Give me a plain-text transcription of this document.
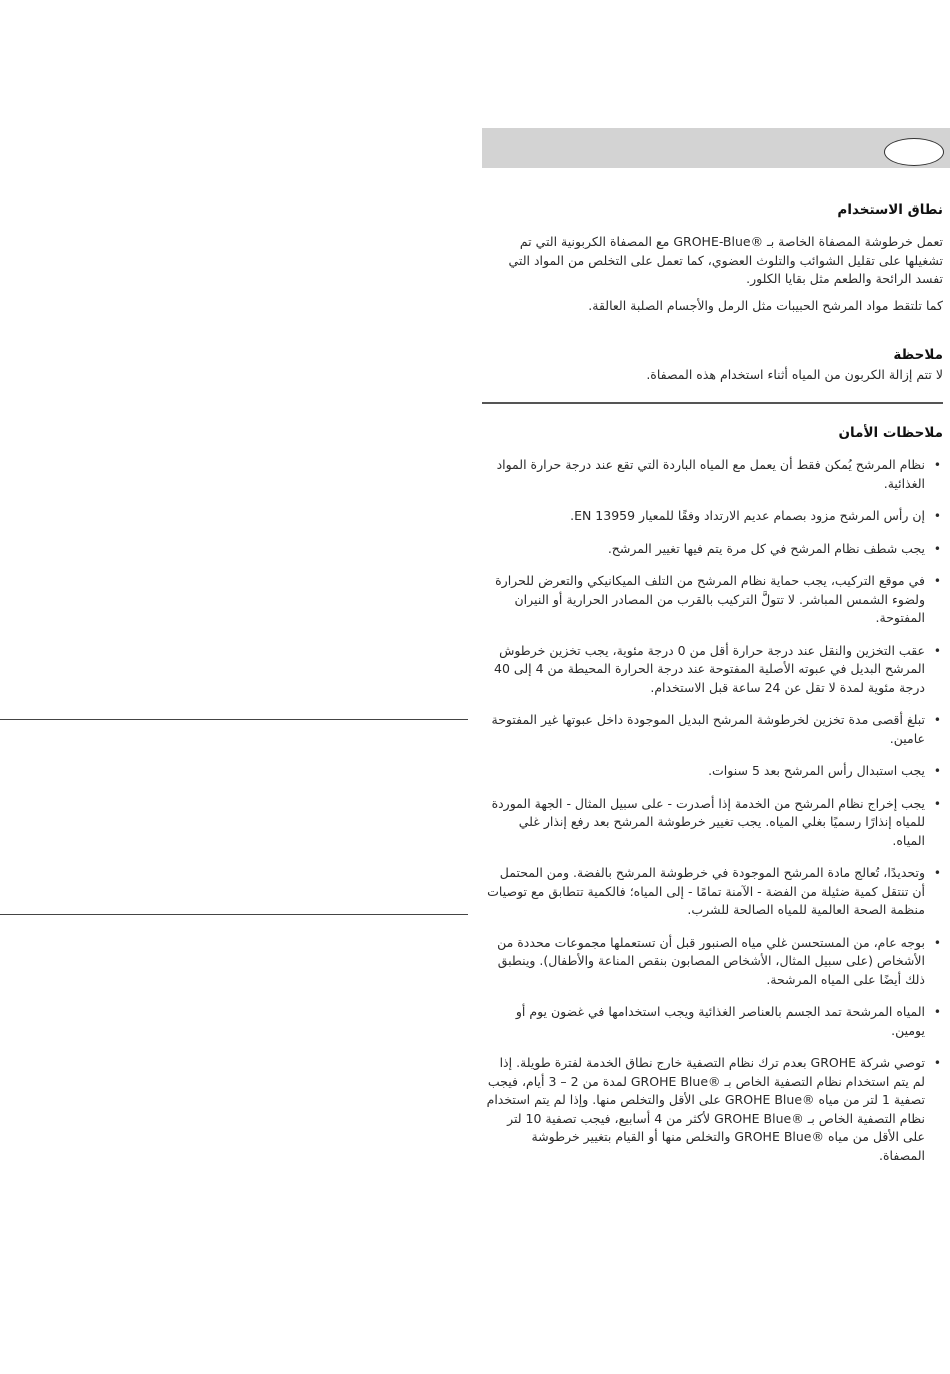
نطاق الاستخدام

تعمل خرطوشة المصفاة الخاصة بـ ®GROHE-Blue مع المصفاة الكربونية التي تم تشغيلها على تقليل الشوائب والتلوث العضوي، كما تعمل على التخلص من المواد التي تفسد الرائحة والطعم مثل بقايا الكلور.

كما تلتقط مواد المرشح الحبيبات مثل الرمل والأجسام الصلبة العالقة.

ملاحظة

لا تتم إزالة الكربون من المياه أثناء استخدام هذه المصفاة.

ملاحظات الأمان
•
نظام المرشح يُمكن فقط أن يعمل مع المياه الباردة التي تقع عند درجة حرارة المواد الغذائية.
•
إن رأس المرشح مزود بصمام عديم الارتداد وفقًا للمعيار EN 13959.
•
يجب شطف نظام المرشح في كل مرة يتم فيها تغيير المرشح.
•
في موقع التركيب، يجب حماية نظام المرشح من التلف الميكانيكي والتعرض للحرارة ولضوء الشمس المباشر. لا تتولَّ التركيب بالقرب من المصادر الحرارية أو النيران المفتوحة.
•
عقب التخزين والنقل عند درجة حرارة أقل من 0 درجة مئوية، يجب تخزين خرطوش المرشح البديل في عبوته الأصلية المفتوحة عند درجة الحرارة المحيطة من 4 إلى 40 درجة مئوية لمدة لا تقل عن 24 ساعة قبل الاستخدام.
•
تبلغ أقصى مدة تخزين لخرطوشة المرشح البديل الموجودة داخل عبوتها غير المفتوحة عامين.
•
يجب استبدال رأس المرشح بعد 5 سنوات.
•
يجب إخراج نظام المرشح من الخدمة إذا أصدرت - على سبيل المثال - الجهة الموردة للمياه إنذارًا رسميًا بغلي المياه. يجب تغيير خرطوشة المرشح بعد رفع إنذار غلي المياه.
•
وتحديدًا، تُعالج مادة المرشح الموجودة في خرطوشة المرشح بالفضة. ومن المحتمل أن تنتقل كمية ضئيلة من الفضة - الآمنة تمامًا - إلى المياه؛ فالكمية تتطابق مع توصيات منظمة الصحة العالمية للمياه الصالحة للشرب.
•
بوجه عام، من المستحسن غلي مياه الصنبور قبل أن تستعملها مجموعات محددة من الأشخاص (على سبيل المثال، الأشخاص المصابون بنقص المناعة والأطفال). وينطبق ذلك أيضًا على المياه المرشحة.
•
المياه المرشحة تمد الجسم بالعناصر الغذائية ويجب استخدامها في غضون يوم أو يومين.
•
توصي شركة GROHE بعدم ترك نظام التصفية خارج نطاق الخدمة لفترة طويلة. إذا لم يتم استخدام نظام التصفية الخاص بـ ®GROHE Blue لمدة من 2 – 3 أيام، فيجب تصفية 1 لتر من مياه ®GROHE Blue على الأقل والتخلص منها. وإذا لم يتم استخدام نظام التصفية الخاص بـ ®GROHE Blue لأكثر من 4 أسابيع، فيجب تصفية 10 لتر على الأقل من مياه ®GROHE Blue والتخلص منها أو القيام بتغيير خرطوشة المصفاة.
